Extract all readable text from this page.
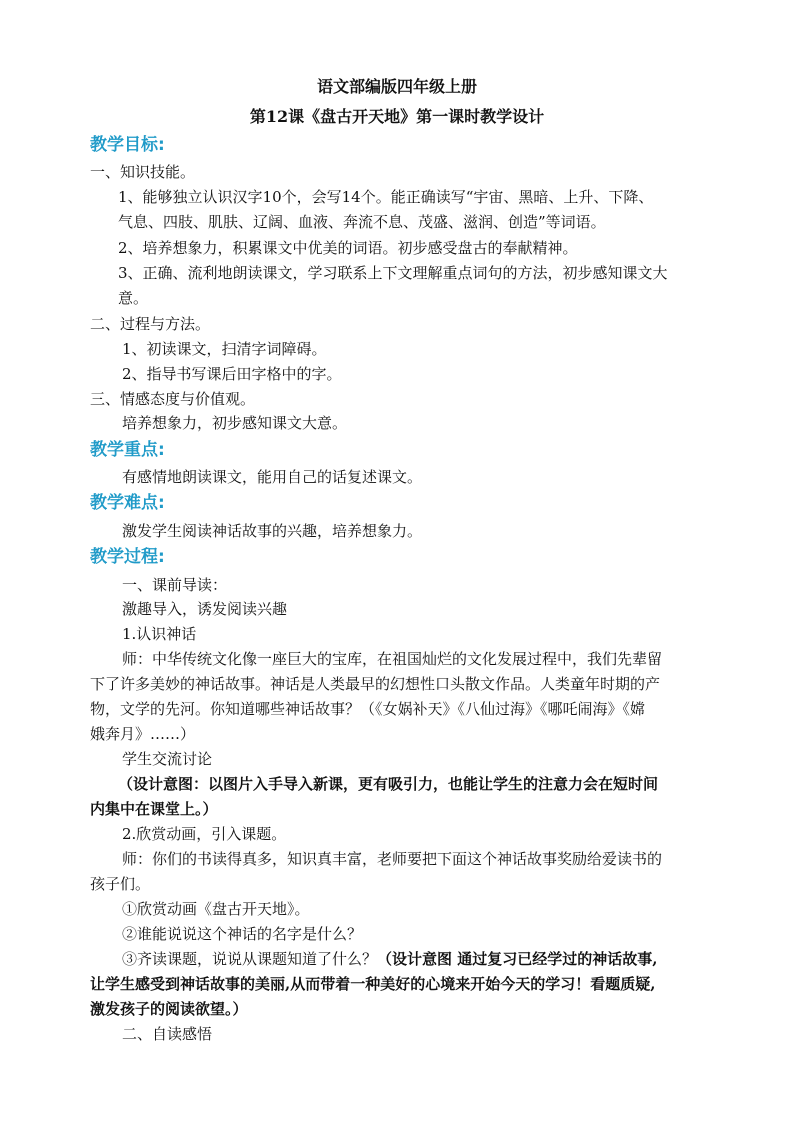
语文部编版四年级上册
第12课《盘古开天地》第一课时教学设计
教学目标:
一、知识技能。
1、能够独立认识汉字10个，会写14个。能正确读写“宇宙、黑暗、上升、下降、
气息、四肢、肌肤、辽阔、血液、奔流不息、茂盛、滋润、创造”等词语。
2、培养想象力，积累课文中优美的词语。初步感受盘古的奉献精神。
3、正确、流利地朗读课文，学习联系上下文理解重点词句的方法，初步感知课文大
意。
二、过程与方法。
1、初读课文，扫清字词障碍。
2、指导书写课后田字格中的字。
三、情感态度与价值观。
培养想象力，初步感知课文大意。
教学重点:
有感情地朗读课文，能用自己的话复述课文。
教学难点:
激发学生阅读神话故事的兴趣，培养想象力。
教学过程:
一、课前导读：
激趣导入，诱发阅读兴趣
1.认识神话
师：中华传统文化像一座巨大的宝库，在祖国灿烂的文化发展过程中，我们先辈留
下了许多美妙的神话故事。神话是人类最早的幻想性口头散文作品。人类童年时期的产
物，文学的先河。你知道哪些神话故事？（《女娲补天》《八仙过海》《哪吒闹海》《嫦
娥奔月》……）
学生交流讨论
（设计意图：以图片入手导入新课，更有吸引力，也能让学生的注意力会在短时间
内集中在课堂上。）
2.欣赏动画，引入课题。
师：你们的书读得真多，知识真丰富，老师要把下面这个神话故事奖励给爱读书的
孩子们。
①欣赏动画《盘古开天地》。
②谁能说说这个神话的名字是什么？
③齐读课题，说说从课题知道了什么？（设计意图 通过复习已经学过的神话故事,
让学生感受到神话故事的美丽,从而带着一种美好的心境来开始今天的学习！看题质疑,
激发孩子的阅读欲望。）
二、自读感悟
